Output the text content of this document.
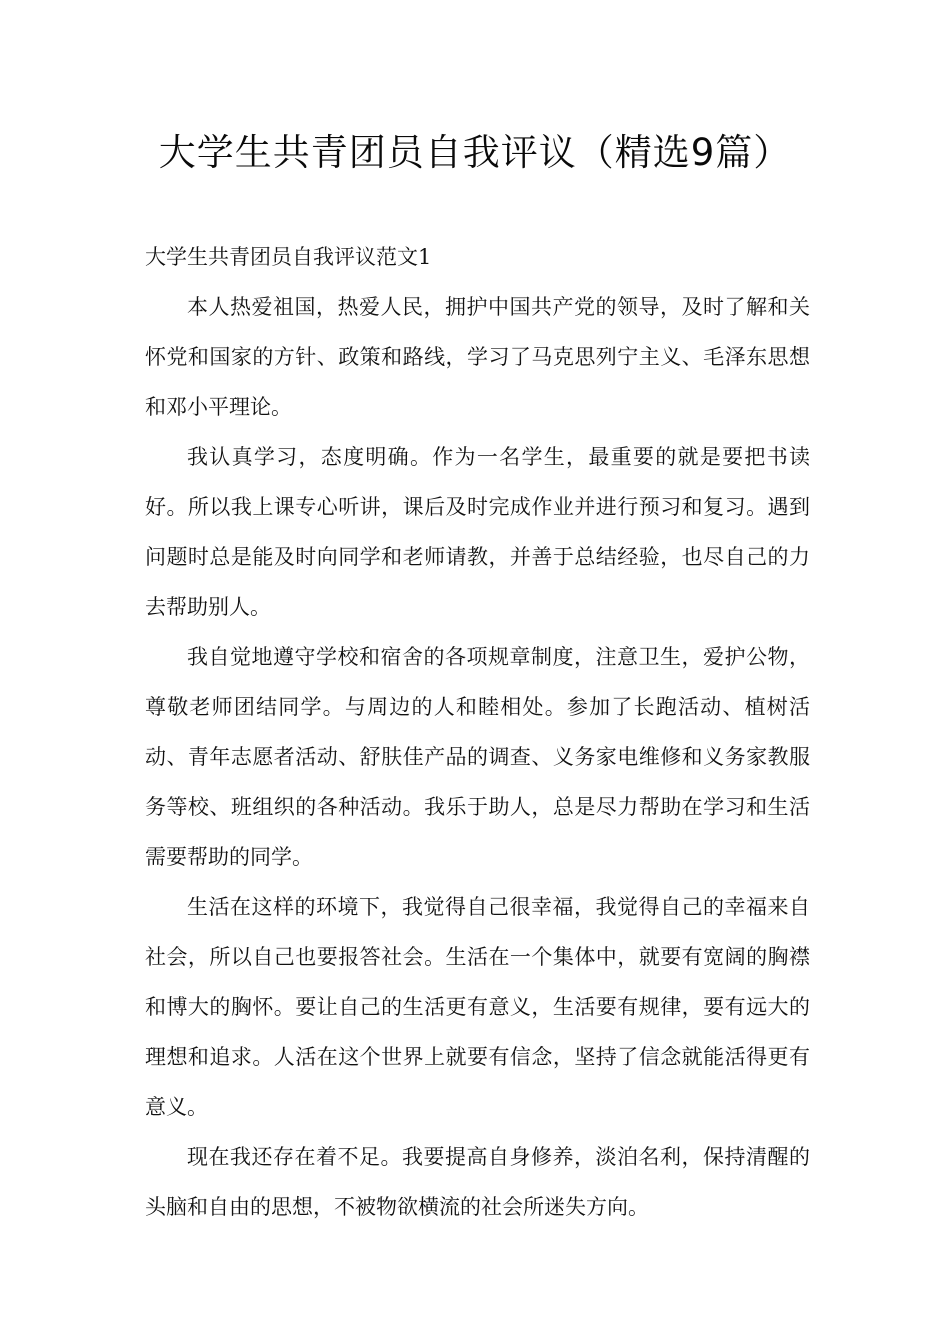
大学生共青团员自我评议（精选9篇）
大学生共青团员自我评议范文1

本人热爱祖国，热爱人民，拥护中国共产党的领导，及时了解和关怀党和国家的方针、政策和路线，学习了马克思列宁主义、毛泽东思想和邓小平理论。

我认真学习，态度明确。作为一名学生，最重要的就是要把书读好。所以我上课专心听讲，课后及时完成作业并进行预习和复习。遇到问题时总是能及时向同学和老师请教，并善于总结经验，也尽自己的力去帮助别人。

我自觉地遵守学校和宿舍的各项规章制度，注意卫生，爱护公物，尊敬老师团结同学。与周边的人和睦相处。参加了长跑活动、植树活动、青年志愿者活动、舒肤佳产品的调查、义务家电维修和义务家教服务等校、班组织的各种活动。我乐于助人，总是尽力帮助在学习和生活需要帮助的同学。

生活在这样的环境下，我觉得自己很幸福，我觉得自己的幸福来自社会，所以自己也要报答社会。生活在一个集体中，就要有宽阔的胸襟和博大的胸怀。要让自己的生活更有意义，生活要有规律，要有远大的理想和追求。人活在这个世界上就要有信念，坚持了信念就能活得更有意义。

现在我还存在着不足。我要提高自身修养，淡泊名利，保持清醒的头脑和自由的思想，不被物欲横流的社会所迷失方向。
